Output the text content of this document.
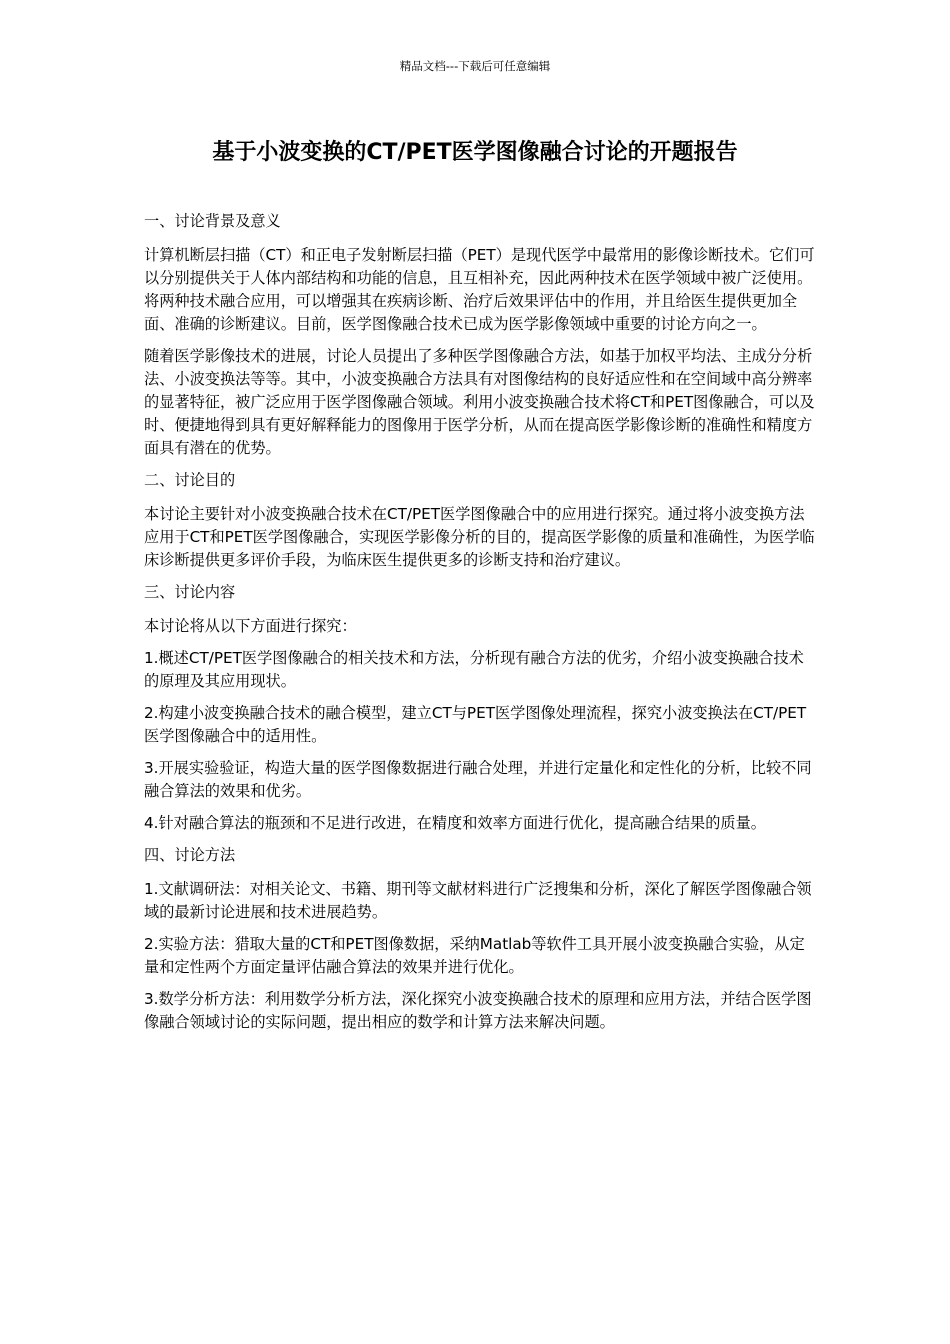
精品文档---下载后可任意编辑
基于小波变换的CT/PET医学图像融合讨论的开题报告

一、讨论背景及意义

计算机断层扫描（CT）和正电子发射断层扫描（PET）是现代医学中最常用的影像诊断技术。它们可以分别提供关于人体内部结构和功能的信息，且互相补充，因此两种技术在医学领域中被广泛使用。将两种技术融合应用，可以增强其在疾病诊断、治疗后效果评估中的作用，并且给医生提供更加全面、准确的诊断建议。目前，医学图像融合技术已成为医学影像领域中重要的讨论方向之一。

随着医学影像技术的进展，讨论人员提出了多种医学图像融合方法，如基于加权平均法、主成分分析法、小波变换法等等。其中，小波变换融合方法具有对图像结构的良好适应性和在空间域中高分辨率的显著特征，被广泛应用于医学图像融合领域。利用小波变换融合技术将CT和PET图像融合，可以及时、便捷地得到具有更好解释能力的图像用于医学分析，从而在提高医学影像诊断的准确性和精度方面具有潜在的优势。

二、讨论目的

本讨论主要针对小波变换融合技术在CT/PET医学图像融合中的应用进行探究。通过将小波变换方法应用于CT和PET医学图像融合，实现医学影像分析的目的，提高医学影像的质量和准确性，为医学临床诊断提供更多评价手段，为临床医生提供更多的诊断支持和治疗建议。

三、讨论内容

本讨论将从以下方面进行探究：

1.概述CT/PET医学图像融合的相关技术和方法，分析现有融合方法的优劣，介绍小波变换融合技术的原理及其应用现状。

2.构建小波变换融合技术的融合模型，建立CT与PET医学图像处理流程，探究小波变换法在CT/PET医学图像融合中的适用性。

3.开展实验验证，构造大量的医学图像数据进行融合处理，并进行定量化和定性化的分析，比较不同融合算法的效果和优劣。

4.针对融合算法的瓶颈和不足进行改进，在精度和效率方面进行优化，提高融合结果的质量。

四、讨论方法

1.文献调研法：对相关论文、书籍、期刊等文献材料进行广泛搜集和分析，深化了解医学图像融合领域的最新讨论进展和技术进展趋势。

2.实验方法：猎取大量的CT和PET图像数据，采纳Matlab等软件工具开展小波变换融合实验，从定量和定性两个方面定量评估融合算法的效果并进行优化。

3.数学分析方法：利用数学分析方法，深化探究小波变换融合技术的原理和应用方法，并结合医学图像融合领域讨论的实际问题，提出相应的数学和计算方法来解决问题。
